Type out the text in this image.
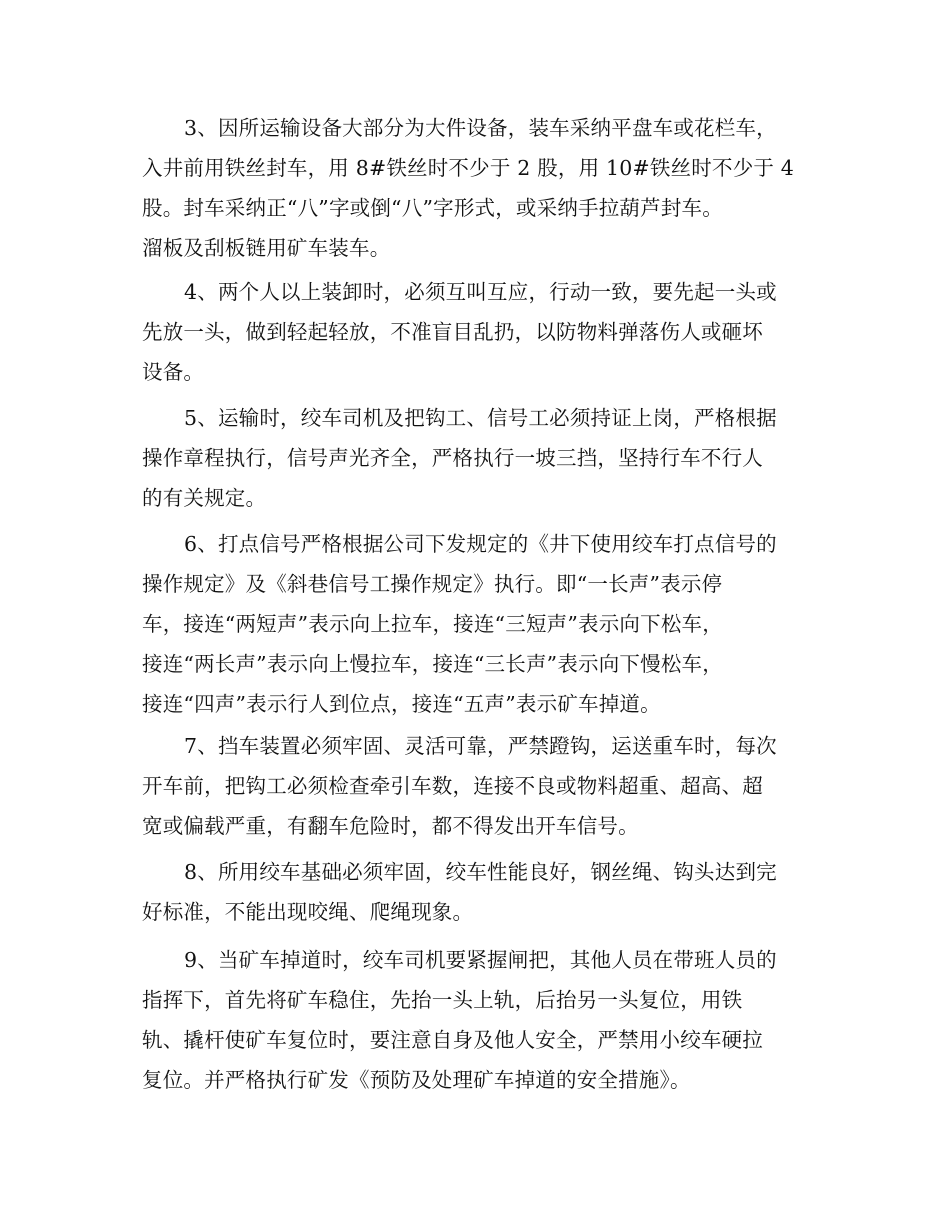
3、因所运输设备大部分为大件设备，装车采纳平盘车或花栏车，
入井前用铁丝封车，用 8#铁丝时不少于 2 股，用 10#铁丝时不少于 4
股。封车采纳正“八”字或倒“八”字形式，或采纳手拉葫芦封车。
溜板及刮板链用矿车装车。
4、两个人以上装卸时，必须互叫互应，行动一致，要先起一头或
先放一头，做到轻起轻放，不准盲目乱扔，以防物料弹落伤人或砸坏
设备。
5、运输时，绞车司机及把钩工、信号工必须持证上岗，严格根据
操作章程执行，信号声光齐全，严格执行一坡三挡，坚持行车不行人
的有关规定。
6、打点信号严格根据公司下发规定的《井下使用绞车打点信号的
操作规定》及《斜巷信号工操作规定》执行。即“一长声”表示停
车，接连“两短声”表示向上拉车，接连“三短声”表示向下松车，
接连“两长声”表示向上慢拉车，接连“三长声”表示向下慢松车，
接连“四声”表示行人到位点，接连“五声”表示矿车掉道。
7、挡车装置必须牢固、灵活可靠，严禁蹬钩，运送重车时，每次
开车前，把钩工必须检查牵引车数，连接不良或物料超重、超高、超
宽或偏载严重，有翻车危险时，都不得发出开车信号。
8、所用绞车基础必须牢固，绞车性能良好，钢丝绳、钩头达到完
好标准，不能出现咬绳、爬绳现象。
9、当矿车掉道时，绞车司机要紧握闸把，其他人员在带班人员的
指挥下，首先将矿车稳住，先抬一头上轨，后抬另一头复位，用铁
轨、撬杆使矿车复位时，要注意自身及他人安全，严禁用小绞车硬拉
复位。并严格执行矿发《预防及处理矿车掉道的安全措施》。
